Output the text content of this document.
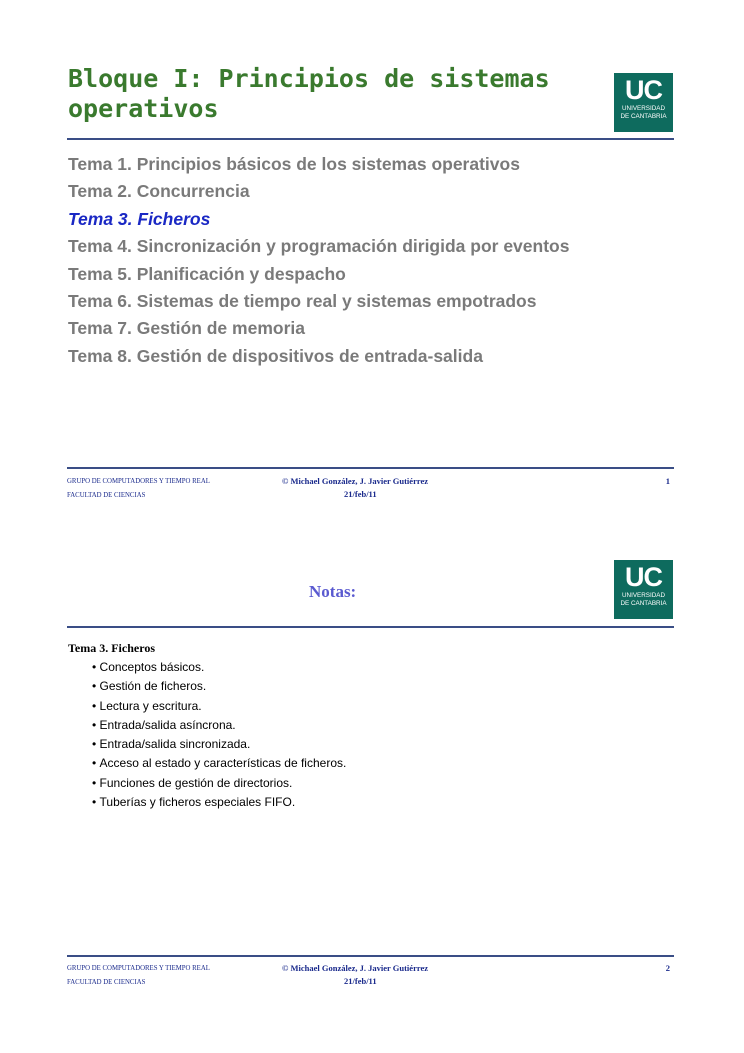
Bloque I: Principios de sistemas operativos
UC
UNIVERSIDAD
DE CANTABRIA
Tema 1. Principios básicos de los sistemas operativos
Tema 2. Concurrencia
Tema 3. Ficheros
Tema 4. Sincronización y programación dirigida por eventos
Tema 5. Planificación y despacho
Tema 6. Sistemas de tiempo real y sistemas empotrados
Tema 7. Gestión de memoria
Tema 8. Gestión de dispositivos de entrada-salida
GRUPO DE COMPUTADORES Y TIEMPO REAL
FACULTAD DE CIENCIAS
© Michael González, J. Javier Gutiérrez
21/feb/11
1
Notas:	UC
UNIVERSIDAD
DE CANTABRIA
Tema 3. Ficheros
• Conceptos básicos.
• Gestión de ficheros.
• Lectura y escritura.
• Entrada/salida asíncrona.
• Entrada/salida sincronizada.
• Acceso al estado y características de ficheros.
• Funciones de gestión de directorios.
• Tuberías y ficheros especiales FIFO.
GRUPO DE COMPUTADORES Y TIEMPO REAL
FACULTAD DE CIENCIAS
© Michael González, J. Javier Gutiérrez
21/feb/11
2
